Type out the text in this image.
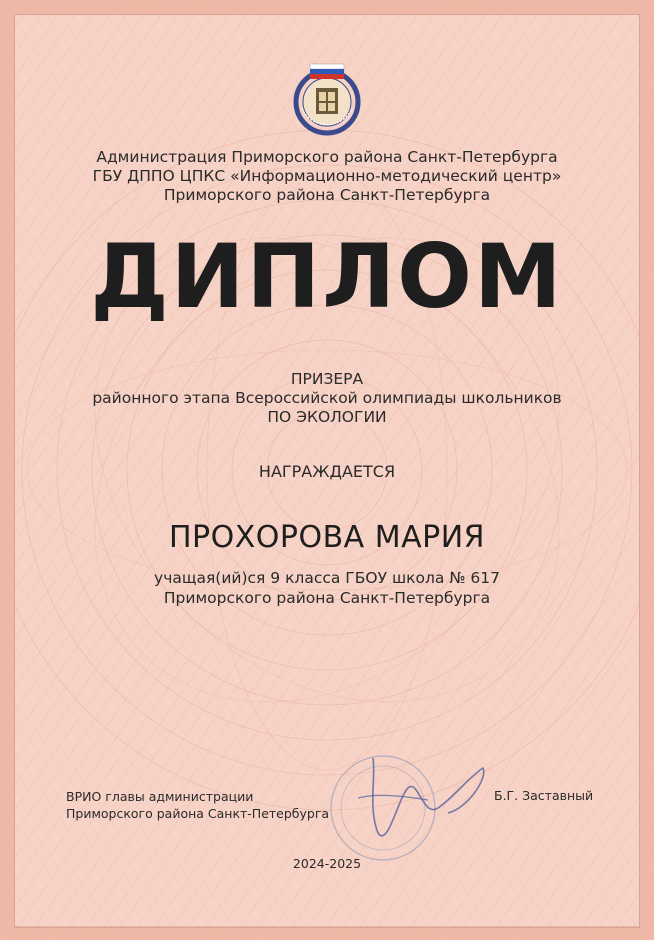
Администрация Приморского района Санкт-Петербурга
ГБУ ДППО ЦПКС «Информационно-методический центр»
Приморского района Санкт-Петербурга
ДИПЛОМ
ПРИЗЕРА
районного этапа Всероссийской олимпиады школьников
ПО ЭКОЛОГИИ
НАГРАЖДАЕТСЯ
ПРОХОРОВА МАРИЯ
учащая(ий)ся 9 класса ГБОУ школа № 617
Приморского района Санкт-Петербурга
ВРИО главы администрации
Приморского района Санкт-Петербурга
Б.Г. Заставный
2024-2025
